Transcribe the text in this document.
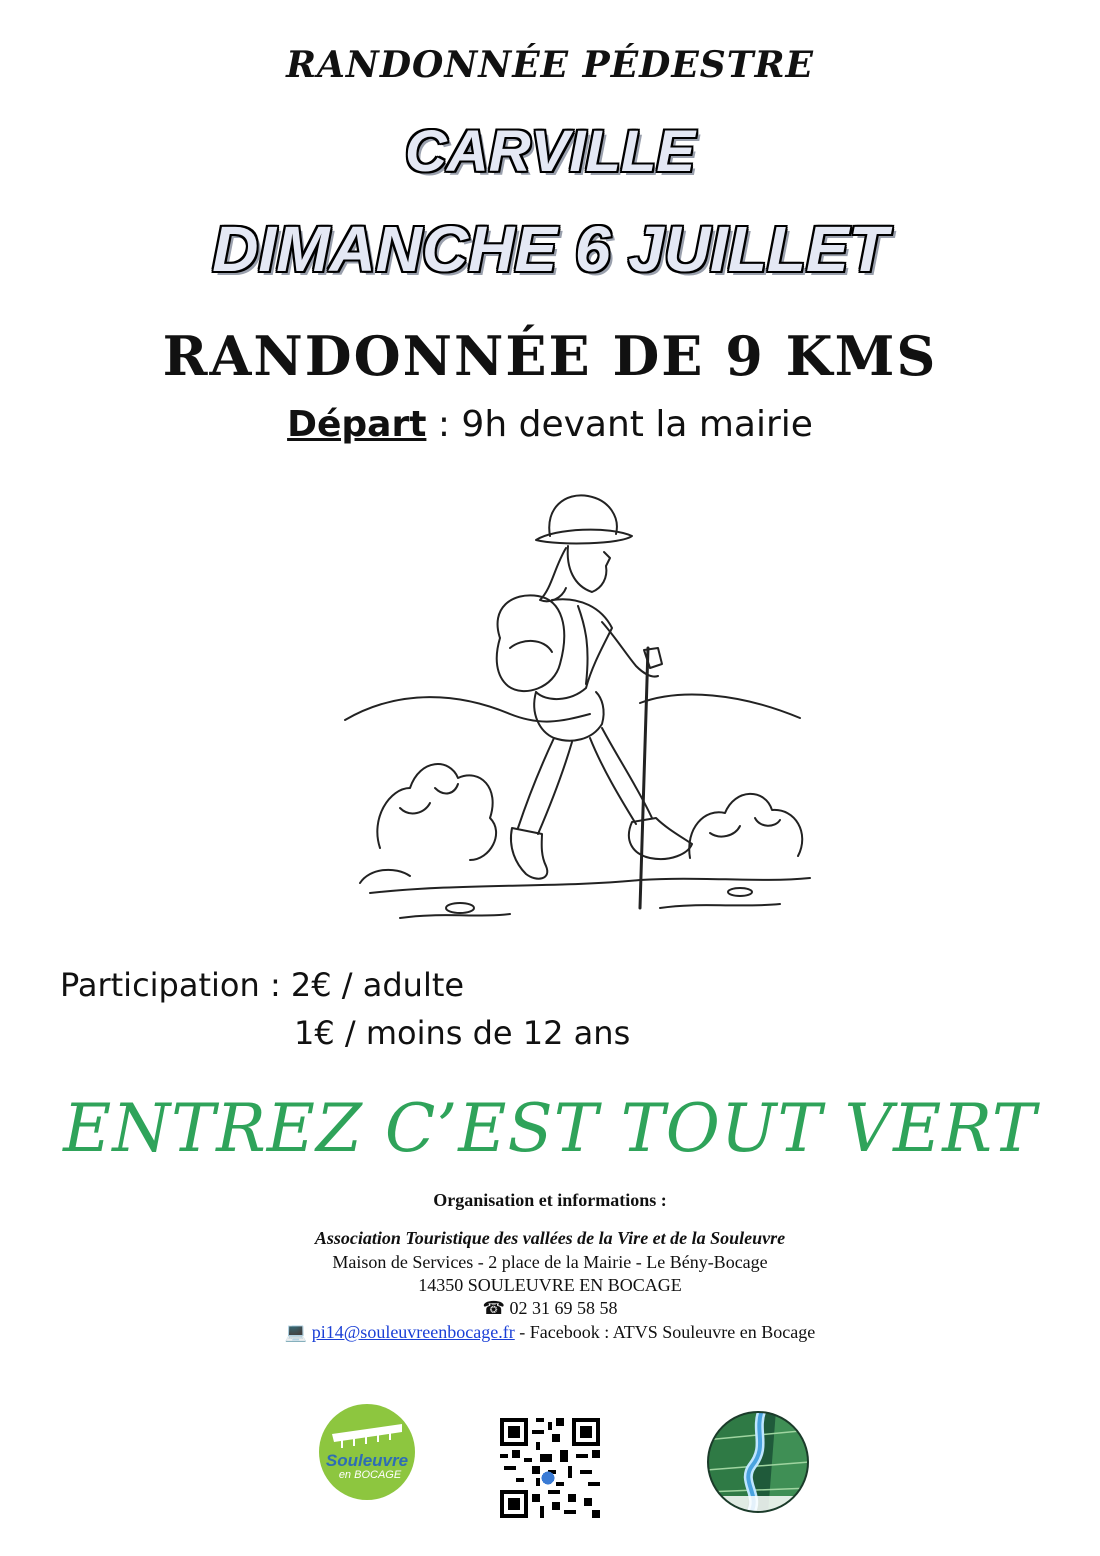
RANDONNÉE PÉDESTRE
CARVILLE
DIMANCHE 6 JUILLET
RANDONNÉE DE 9 KMS
Départ : 9h devant la mairie
Participation : 2€ / adulte
1€ / moins de 12 ans
ENTREZ C’EST TOUT VERT
Organisation et informations :
Association Touristique des vallées de la Vire et de la Souleuvre
Maison de Services - 2 place de la Mairie - Le Bény-Bocage
14350 SOULEUVRE EN BOCAGE
☎ 02 31 69 58 58
💻 pi14@souleuvreenbocage.fr - Facebook : ATVS Souleuvre en Bocage
Souleuvre
en BOCAGE
